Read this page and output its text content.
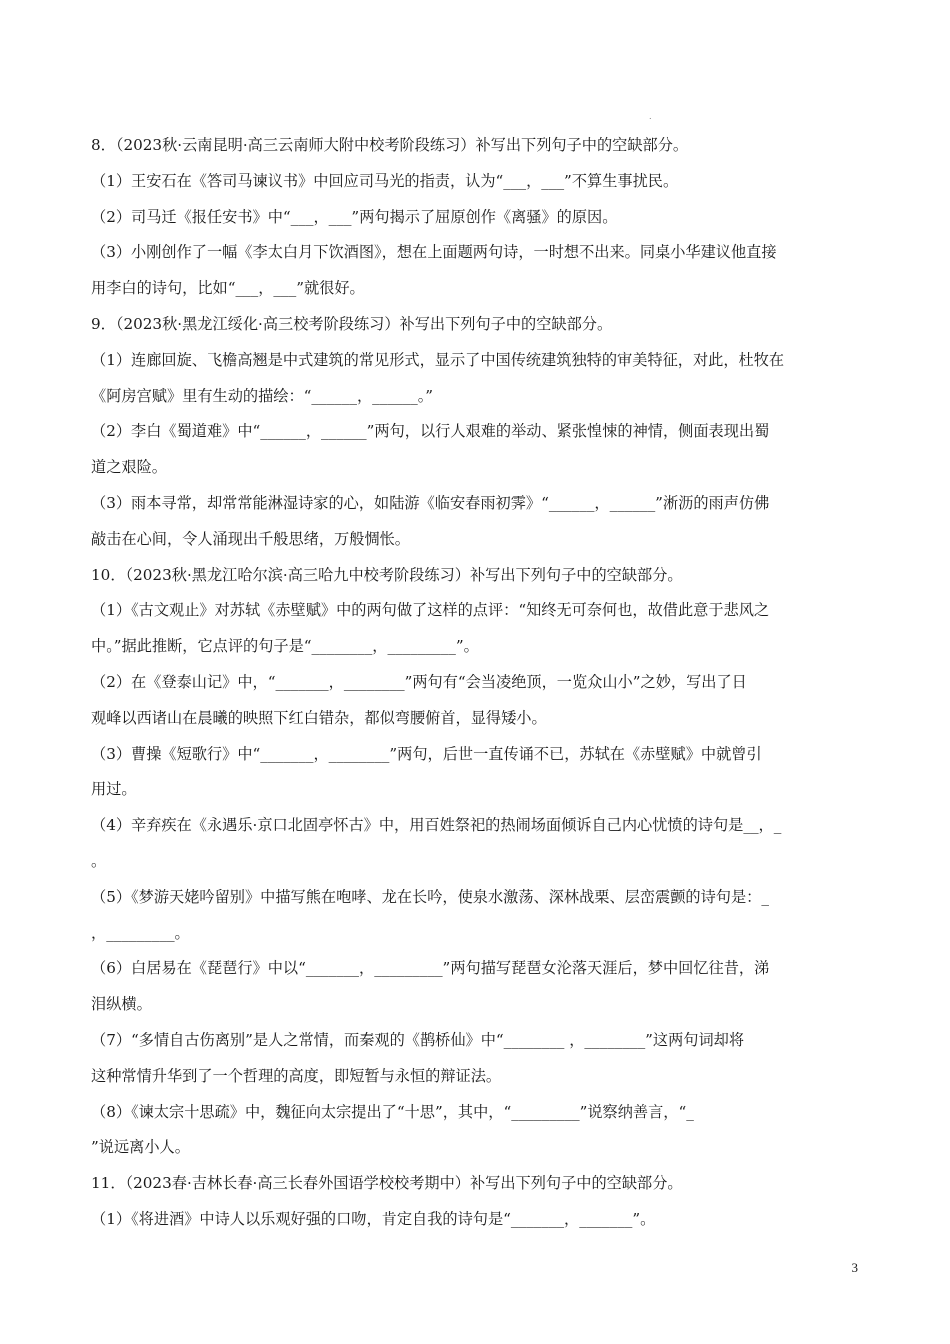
.
8．（2023秋·云南昆明·高三云南师大附中校考阶段练习）补写出下列句子中的空缺部分。
（1）王安石在《答司马谏议书》中回应司马光的指责，认为“___，___”不算生事扰民。
（2）司马迁《报任安书》中“___，___”两句揭示了屈原创作《离骚》的原因。
（3）小刚创作了一幅《李太白月下饮酒图》，想在上面题两句诗，一时想不出来。同桌小华建议他直接
用李白的诗句，比如“___，___”就很好。
9．（2023秋·黑龙江绥化·高三校考阶段练习）补写出下列句子中的空缺部分。
（1）连廊回旋、飞檐高翘是中式建筑的常见形式，显示了中国传统建筑独特的审美特征，对此，杜牧在
《阿房宫赋》里有生动的描绘：“______，______。”
（2）李白《蜀道难》中“______，______”两句，以行人艰难的举动、紧张惶悚的神情，侧面表现出蜀
道之艰险。
（3）雨本寻常，却常常能淋湿诗家的心，如陆游《临安春雨初霁》“______，______”淅沥的雨声仿佛
敲击在心间，令人涌现出千般思绪，万般惆怅。
10．（2023秋·黑龙江哈尔滨·高三哈九中校考阶段练习）补写出下列句子中的空缺部分。
（1）《古文观止》对苏轼《赤壁赋》中的两句做了这样的点评：“知终无可奈何也，故借此意于悲风之
中。”据此推断，它点评的句子是“________，_________”。
（2）在《登泰山记》中，“_______，________”两句有“会当凌绝顶，一览众山小”之妙，写出了日
观峰以西诸山在晨曦的映照下红白错杂，都似弯腰俯首，显得矮小。
（3）曹操《短歌行》中“_______，________”两句，后世一直传诵不已，苏轼在《赤壁赋》中就曾引
用过。
（4）辛弃疾在《永遇乐·京口北固亭怀古》中，用百姓祭祀的热闹场面倾诉自己内心忧愤的诗句是__，_
。
（5）《梦游天姥吟留别》中描写熊在咆哮、龙在长吟，使泉水激荡、深林战栗、层峦震颤的诗句是：_
，_________。
（6）白居易在《琵琶行》中以“_______，_________”两句描写琵琶女沦落天涯后，梦中回忆往昔，涕
泪纵横。
（7）“多情自古伤离别”是人之常情，而秦观的《鹊桥仙》中“________ ，________”这两句词却将
这种常情升华到了一个哲理的高度，即短暂与永恒的辩证法。
（8）《谏太宗十思疏》中，魏征向太宗提出了“十思”，其中，“_________”说察纳善言，“_
”说远离小人。
11．（2023春·吉林长春·高三长春外国语学校校考期中）补写出下列句子中的空缺部分。
（1）《将进酒》中诗人以乐观好强的口吻，肯定自我的诗句是“_______，_______”。
3
